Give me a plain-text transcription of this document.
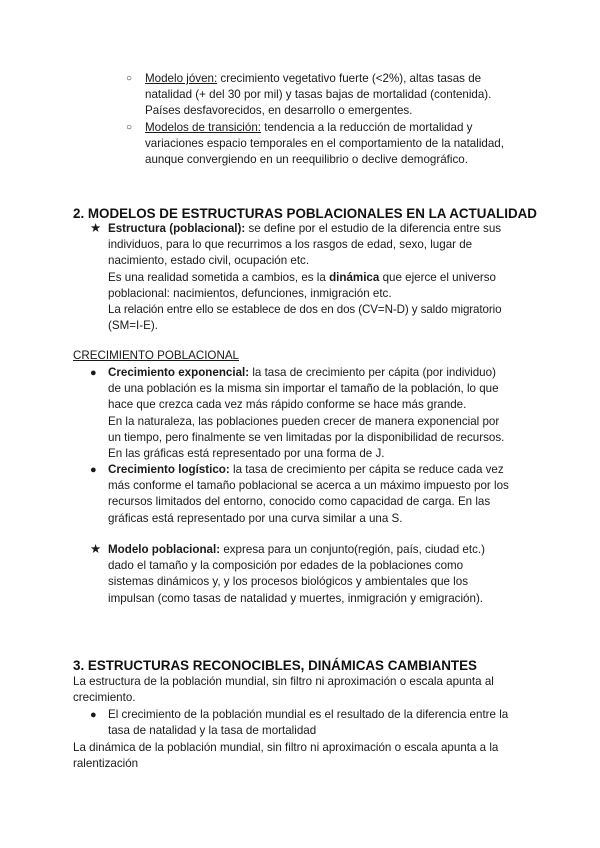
○ Modelo jóven: crecimiento vegetativo fuerte (<2%), altas tasas de
natalidad (+ del 30 por mil) y tasas bajas de mortalidad (contenida).
Países desfavorecidos, en desarrollo o emergentes.
○ Modelos de transición: tendencia a la reducción de mortalidad y
variaciones espacio temporales en el comportamiento de la natalidad,
aunque convergiendo en un reequilibrio o declive demográfico.
2. MODELOS DE ESTRUCTURAS POBLACIONALES EN LA ACTUALIDAD
★ Estructura (poblacional): se define por el estudio de la diferencia entre sus
individuos, para lo que recurrimos a los rasgos de edad, sexo, lugar de
nacimiento, estado civil, ocupación etc.
Es una realidad sometida a cambios, es la dinámica que ejerce el universo
poblacional: nacimientos, defunciones, inmigración etc.
La relación entre ello se establece de dos en dos (CV=N-D) y saldo migratorio
(SM=I-E).
CRECIMIENTO POBLACIONAL
● Crecimiento exponencial: la tasa de crecimiento per cápita (por individuo)
de una población es la misma sin importar el tamaño de la población, lo que
hace que crezca cada vez más rápido conforme se hace más grande.
En la naturaleza, las poblaciones pueden crecer de manera exponencial por
un tiempo, pero finalmente se ven limitadas por la disponibilidad de recursos.
En las gráficas está representado por una forma de J.
● Crecimiento logístico: la tasa de crecimiento per cápita se reduce cada vez
más conforme el tamaño poblacional se acerca a un máximo impuesto por los
recursos limitados del entorno, conocido como capacidad de carga. En las
gráficas está representado por una curva similar a una S.
★ Modelo poblacional: expresa para un conjunto(región, país, ciudad etc.)
dado el tamaño y la composición por edades de la poblaciones como
sistemas dinámicos y, y los procesos biológicos y ambientales que los
impulsan (como tasas de natalidad y muertes, inmigración y emigración).
3. ESTRUCTURAS RECONOCIBLES, DINÁMICAS CAMBIANTES
La estructura de la población mundial, sin filtro ni aproximación o escala apunta al
crecimiento.
● El crecimiento de la población mundial es el resultado de la diferencia entre la
tasa de natalidad y la tasa de mortalidad
La dinámica de la población mundial, sin filtro ni aproximación o escala apunta a la
ralentización
